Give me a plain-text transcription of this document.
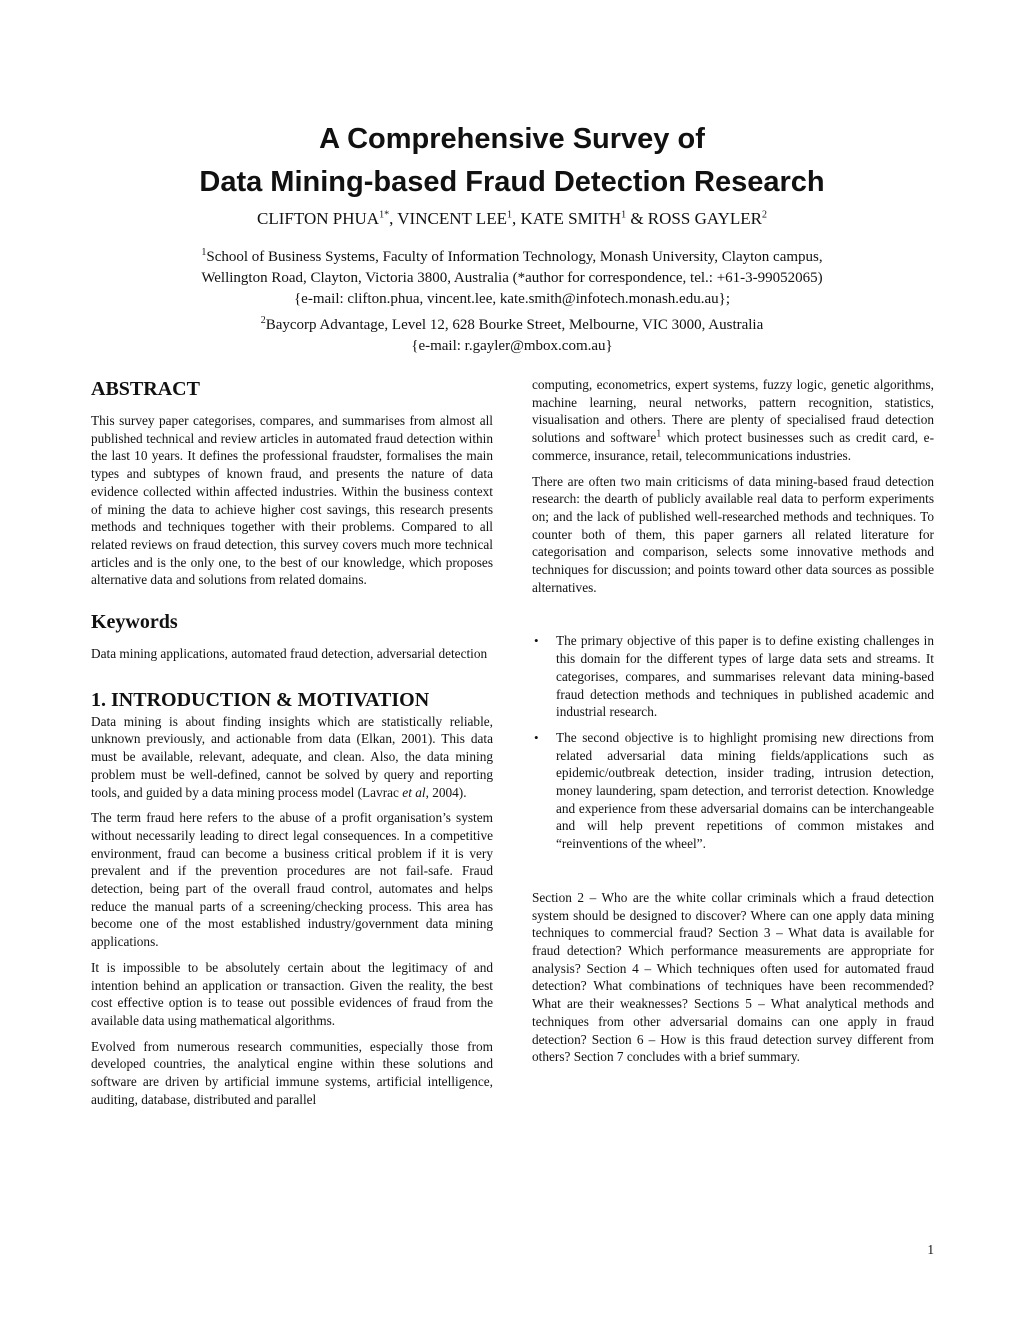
A Comprehensive Survey of
Data Mining-based Fraud Detection Research
CLIFTON $PHUA^{1*}$, VINCENT LEE$^1$, KATE SMITH$^1$ & ROSS GAYLER$^2$
$^1$School of Business Systems, Faculty of Information Technology, Monash University, Clayton campus,
Wellington Road, Clayton, Victoria 3800, Australia (*author for correspondence, tel.: +61-3-99052065)
{e-mail: clifton.phua, vincent.lee, kate.smith@infotech.monash.edu.au};
$^2$Baycorp Advantage, Level 12, 628 Bourke Street, Melbourne, VIC 3000, Australia
{e-mail: r.gayler@mbox.com.au}
ABSTRACT

This survey paper categorises, compares, and summarises from almost all published technical and review articles in automated fraud detection within the last 10 years. It defines the professional fraudster, formalises the main types and subtypes of known fraud, and presents the nature of data evidence collected within affected industries. Within the business context of mining the data to achieve higher cost savings, this research presents methods and techniques together with their problems. Compared to all related reviews on fraud detection, this survey covers much more technical articles and is the only one, to the best of our knowledge, which proposes alternative data and solutions from related domains.

Keywords

Data mining applications, automated fraud detection, adversarial detection

1. INTRODUCTION & MOTIVATION

Data mining is about finding insights which are statistically reliable, unknown previously, and actionable from data (Elkan, 2001). This data must be available, relevant, adequate, and clean. Also, the data mining problem must be well-defined, cannot be solved by query and reporting tools, and guided by a data mining process model (Lavrac et al, 2004).

The term fraud here refers to the abuse of a profit organisation’s system without necessarily leading to direct legal consequences. In a competitive environment, fraud can become a business critical problem if it is very prevalent and if the prevention procedures are not fail-safe. Fraud detection, being part of the overall fraud control, automates and helps reduce the manual parts of a screening/checking process. This area has become one of the most established industry/government data mining applications.

It is impossible to be absolutely certain about the legitimacy of and intention behind an application or transaction. Given the reality, the best cost effective option is to tease out possible evidences of fraud from the available data using mathematical algorithms.

Evolved from numerous research communities, especially those from developed countries, the analytical engine within these solutions and software are driven by artificial immune systems, artificial intelligence, auditing, database, distributed and parallel

computing, econometrics, expert systems, fuzzy logic, genetic algorithms, machine learning, neural networks, pattern recognition, statistics, visualisation and others. There are plenty of specialised fraud detection solutions and software$^1$ which protect businesses such as credit card, e-commerce, insurance, retail, telecommunications industries.

There are often two main criticisms of data mining-based fraud detection research: the dearth of publicly available real data to perform experiments on; and the lack of published well-researched methods and techniques. To counter both of them, this paper garners all related literature for categorisation and comparison, selects some innovative methods and techniques for discussion; and points toward other data sources as possible alternatives.

• The primary objective of this paper is to define existing challenges in this domain for the different types of large data sets and streams. It categorises, compares, and summarises relevant data mining-based fraud detection methods and techniques in published academic and industrial research.

• The second objective is to highlight promising new directions from related adversarial data mining fields/applications such as epidemic/outbreak detection, insider trading, intrusion detection, money laundering, spam detection, and terrorist detection. Knowledge and experience from these adversarial domains can be interchangeable and will help prevent repetitions of common mistakes and “reinventions of the wheel”.

Section 2 – Who are the white collar criminals which a fraud detection system should be designed to discover? Where can one apply data mining techniques to commercial fraud? Section 3 – What data is available for fraud detection? Which performance measurements are appropriate for analysis? Section 4 – Which techniques often used for automated fraud detection? What combinations of techniques have been recommended? What are their weaknesses? Sections 5 – What analytical methods and techniques from other adversarial domains can one apply in fraud detection? Section 6 – How is this fraud detection survey different from others? Section 7 concludes with a brief summary.

1
